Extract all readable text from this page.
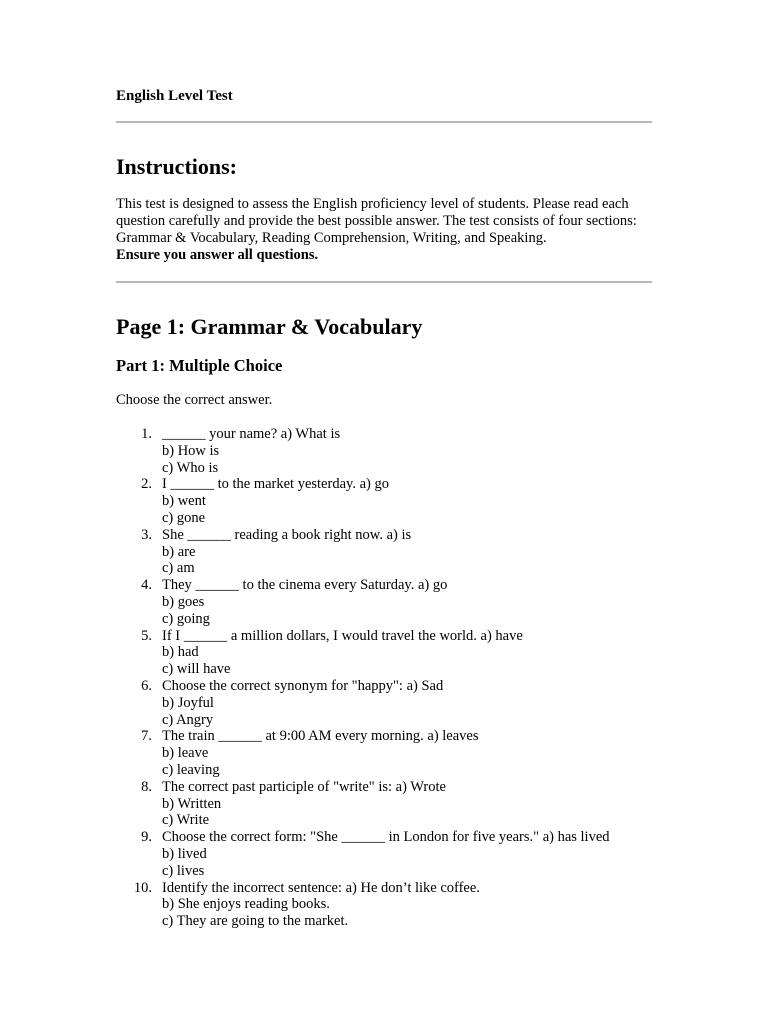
English Level Test
Instructions:

This test is designed to assess the English proficiency level of students. Please read each question carefully and provide the best possible answer. The test consists of four sections: Grammar & Vocabulary, Reading Comprehension, Writing, and Speaking.
Ensure you answer all questions.

Page 1: Grammar & Vocabulary
Part 1: Multiple Choice

Choose the correct answer.

1. ______ your name? a) What is
b) How is
c) Who is
2. I ______ to the market yesterday. a) go
b) went
c) gone
3. She ______ reading a book right now. a) is
b) are
c) am
4. They ______ to the cinema every Saturday. a) go
b) goes
c) going
5. If I ______ a million dollars, I would travel the world. a) have
b) had
c) will have
6. Choose the correct synonym for "happy": a) Sad
b) Joyful
c) Angry
7. The train ______ at 9:00 AM every morning. a) leaves
b) leave
c) leaving
8. The correct past participle of "write" is: a) Wrote
b) Written
c) Write
9. Choose the correct form: "She ______ in London for five years." a) has lived
b) lived
c) lives
10. Identify the incorrect sentence: a) He don’t like coffee.
b) She enjoys reading books.
c) They are going to the market.
